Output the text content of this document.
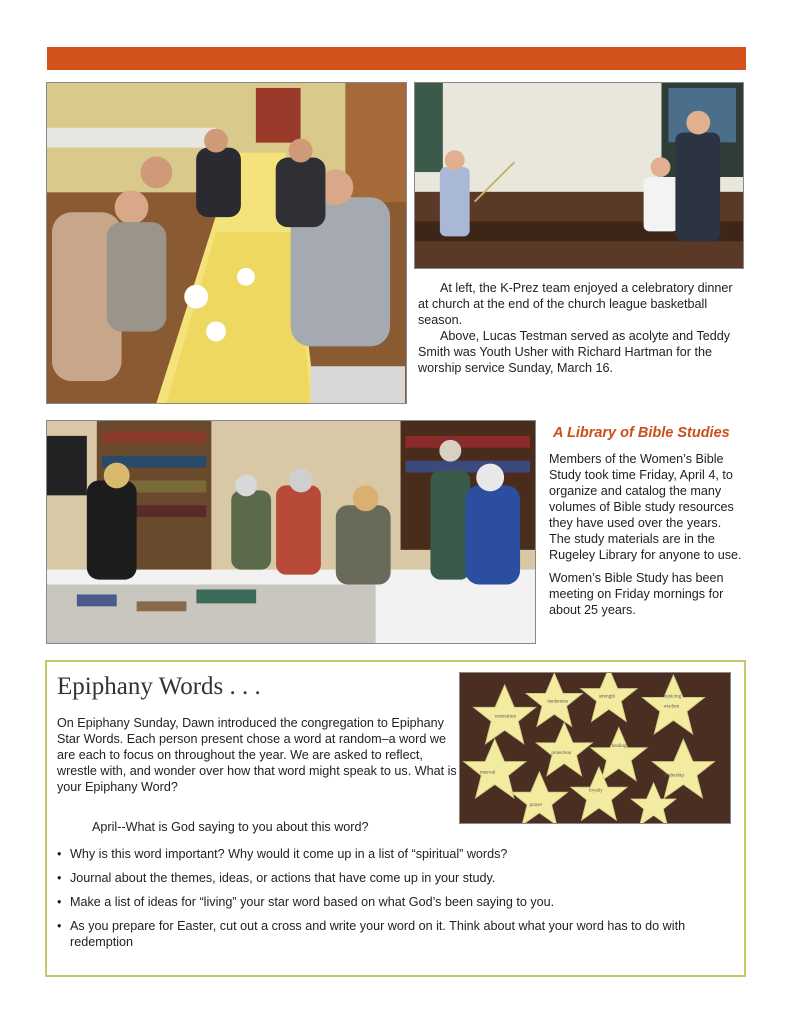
At left, the K-Prez team enjoyed a celebratory dinner at church at the end of the church league basketball season.

Above, Lucas Testman served as acolyte and Teddy Smith was Youth Usher with Richard Hartman for the worship service Sunday, March 16.

A Library of Bible Studies

Members of the Women’s Bible Study took time Friday, April 4, to organize and catalog the many volumes of Bible study resources they have used over the years. The study materials are in the Rugeley Library for anyone to use.

Women’s Bible Study has been meeting on Friday mornings for about 25 years.

Epiphany Words . . .
On Epiphany Sunday, Dawn introduced the congregation to Epiphany Star Words. Each person present chose a word at random–a word we are each to focus on throughout the year. We are asked to reflect, wrestle with, and wonder over how that word might speak to us. What is your Epiphany Word?
tenderness
strength
restoration
wisdom
healing
rejoicing
renewal
protection
loyalty
leadership
prayer
April--What is God saying to you about this word?
• Why is this word important? Why would it come up in a list of “spiritual” words?
• Journal about the themes, ideas, or actions that have come up in your study.
• Make a list of ideas for “living” your star word based on what God’s been saying to you.
• As you prepare for Easter, cut out a cross and write your word on it. Think about what your word has to do with redemption
